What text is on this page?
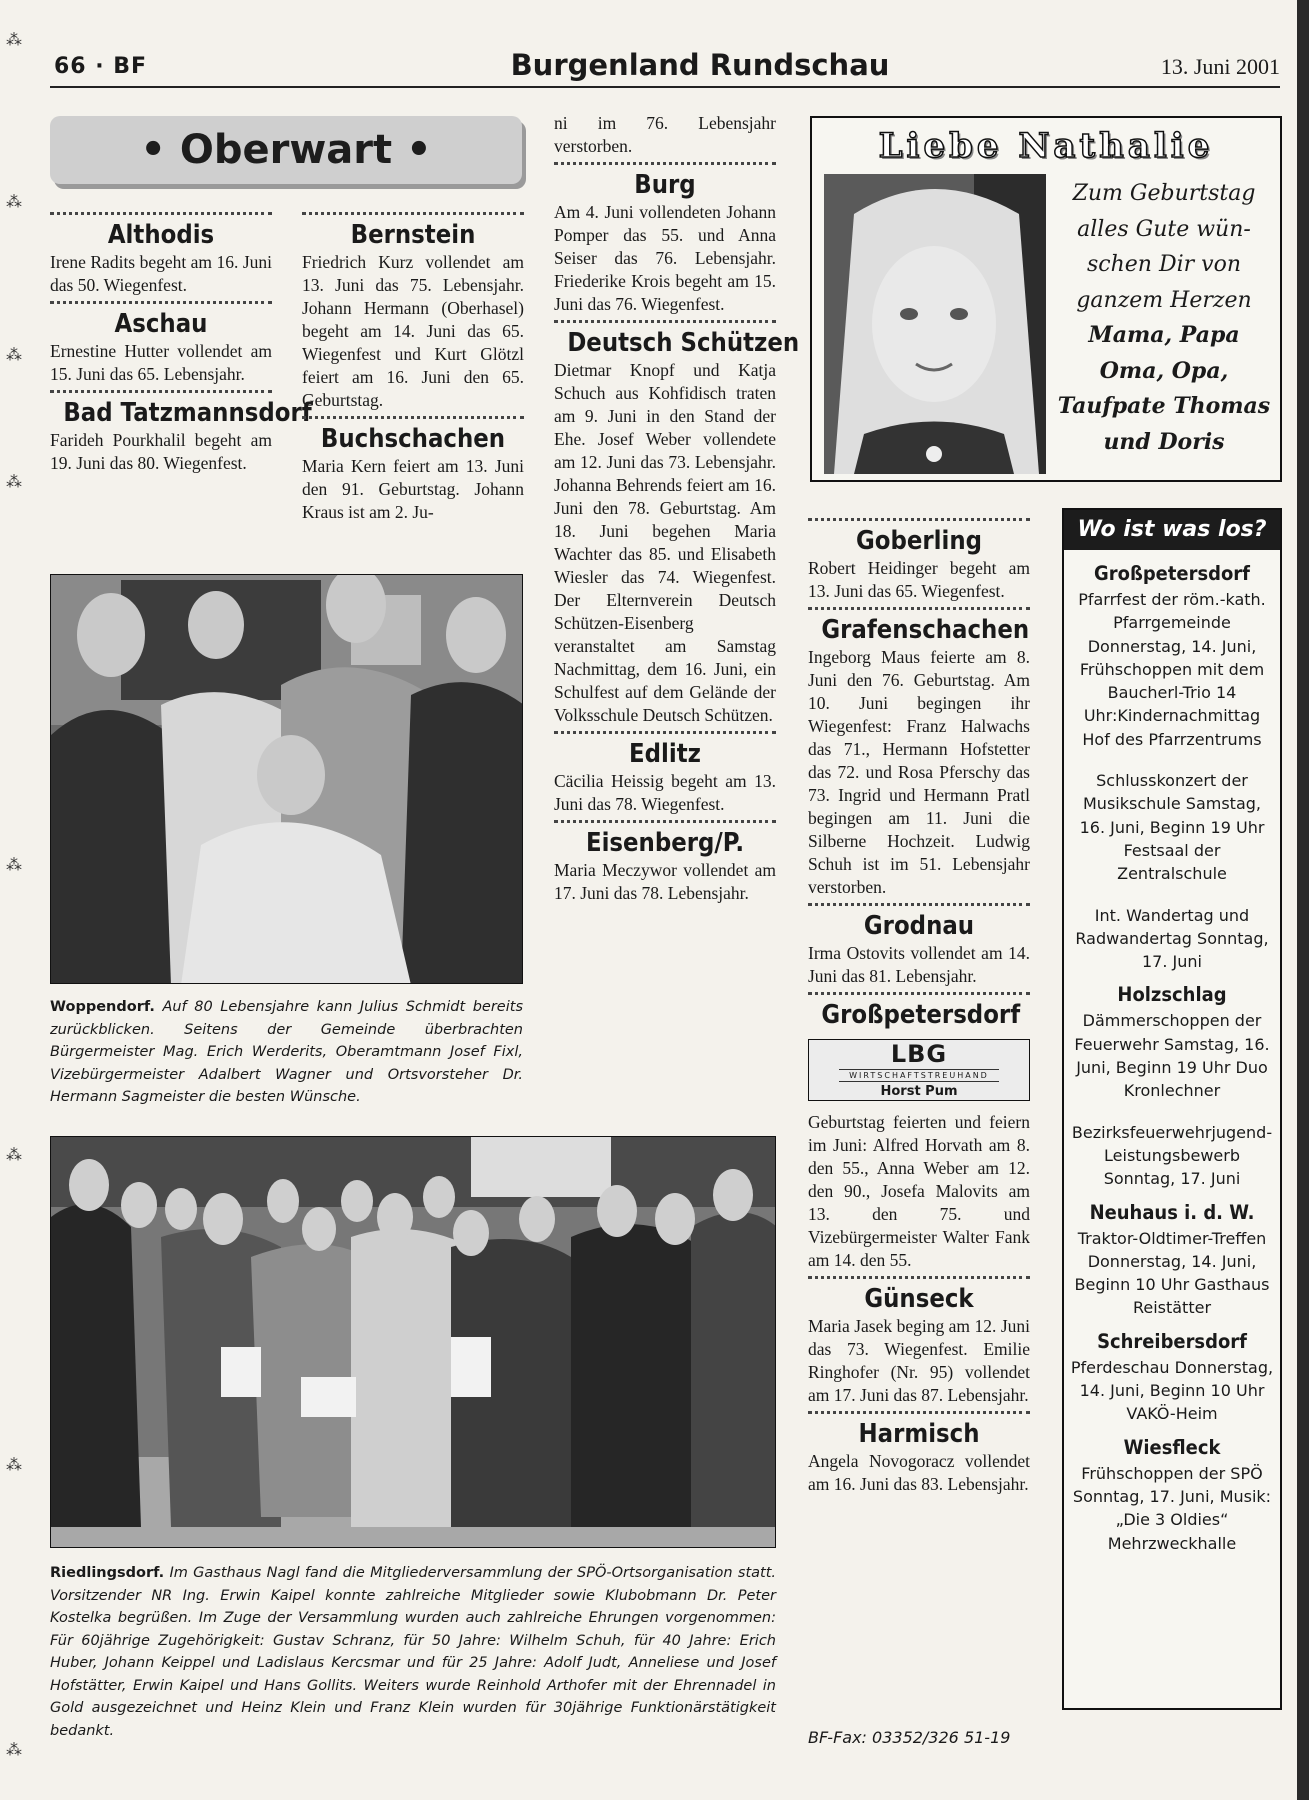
⁂
⁂
⁂
⁂
⁂
⁂
⁂
⁂
66 · BF	Burgenland Rundschau	13. Juni 2001
• Oberwart •
Althodis
Irene Radits begeht am 16. Juni das 50. Wiegenfest.
Aschau
Ernestine Hutter vollendet am 15. Juni das 65. Lebensjahr.
Bad Tatzmannsdorf
Farideh Pourkhalil begeht am 19. Juni das 80. Wiegenfest.
Bernstein
Friedrich Kurz vollendet am 13. Juni das 75. Lebensjahr. Johann Hermann (Oberhasel) begeht am 14. Juni das 65. Wiegenfest und Kurt Glötzl feiert am 16. Juni den 65. Geburtstag.
Buchschachen
Maria Kern feiert am 13. Juni den 91. Geburtstag. Johann Kraus ist am 2. Ju-
Woppendorf. Auf 80 Lebensjahre kann Julius Schmidt bereits zurückblicken. Seitens der Gemeinde überbrachten Bürgermeister Mag. Erich Werderits, Oberamtmann Josef Fixl, Vizebürgermeister Adalbert Wagner und Ortsvorsteher Dr. Hermann Sagmeister die besten Wünsche.
ni im 76. Lebensjahr verstorben.
Burg
Am 4. Juni vollendeten Johann Pomper das 55. und Anna Seiser das 76. Lebensjahr. Friederike Krois begeht am 15. Juni das 76. Wiegenfest.
Deutsch Schützen
Dietmar Knopf und Katja Schuch aus Kohfidisch traten am 9. Juni in den Stand der Ehe. Josef Weber vollendete am 12. Juni das 73. Lebensjahr. Johanna Behrends feiert am 16. Juni den 78. Geburtstag. Am 18. Juni begehen Maria Wachter das 85. und Elisabeth Wiesler das 74. Wiegenfest. Der Elternverein Deutsch Schützen-Eisenberg veranstaltet am Samstag Nachmittag, dem 16. Juni, ein Schulfest auf dem Gelände der Volksschule Deutsch Schützen.
Edlitz
Cäcilia Heissig begeht am 13. Juni das 78. Wiegenfest.
Eisenberg/P.
Maria Meczywor vollendet am 17. Juni das 78. Lebensjahr.
Riedlingsdorf. Im Gasthaus Nagl fand die Mitgliederversammlung der SPÖ-Ortsorganisation statt. Vorsitzender NR Ing. Erwin Kaipel konnte zahlreiche Mitglieder sowie Klubobmann Dr. Peter Kostelka begrüßen. Im Zuge der Versammlung wurden auch zahlreiche Ehrungen vorgenommen: Für 60jährige Zugehörigkeit: Gustav Schranz, für 50 Jahre: Wilhelm Schuh, für 40 Jahre: Erich Huber, Johann Keippel und Ladislaus Kercsmar und für 25 Jahre: Adolf Judt, Anneliese und Josef Hofstätter, Erwin Kaipel und Hans Gollits. Weiters wurde Reinhold Arthofer mit der Ehrennadel in Gold ausgezeichnet und Heinz Klein und Franz Klein wurden für 30jährige Funktionärstätigkeit bedankt.
Liebe Nathalie
Zum Geburtstag
alles Gute wün-
schen Dir von
ganzem Herzen
Mama, Papa
Oma, Opa,
Taufpate Thomas
und Doris
Goberling
Robert Heidinger begeht am 13. Juni das 65. Wiegenfest.
Grafenschachen
Ingeborg Maus feierte am 8. Juni den 76. Geburtstag. Am 10. Juni begingen ihr Wiegenfest: Franz Halwachs das 71., Hermann Hofstetter das 72. und Rosa Pferschy das 73. Ingrid und Hermann Pratl begingen am 11. Juni die Silberne Hochzeit. Ludwig Schuh ist im 51. Lebensjahr verstorben.
Grodnau
Irma Ostovits vollendet am 14. Juni das 81. Lebensjahr.
Großpetersdorf
LBG
WIRTSCHAFTSTREUHAND
Horst Pum
Geburtstag feierten und feiern im Juni: Alfred Horvath am 8. den 55., Anna Weber am 12. den 90., Josefa Malovits am 13. den 75. und Vizebürgermeister Walter Fank am 14. den 55.
Günseck
Maria Jasek beging am 12. Juni das 73. Wiegenfest. Emilie Ringhofer (Nr. 95) vollendet am 17. Juni das 87. Lebensjahr.
Harmisch
Angela Novogoracz vollendet am 16. Juni das 83. Lebensjahr.
Wo ist was los?
Großpetersdorf
Pfarrfest der röm.-kath. Pfarrgemeinde Donnerstag, 14. Juni, Frühschoppen mit dem Baucherl-Trio 14 Uhr:Kindernachmittag Hof des Pfarrzentrums
Schlusskonzert der Musikschule Samstag, 16. Juni, Beginn 19 Uhr Festsaal der Zentralschule
Int. Wandertag und Radwandertag Sonntag, 17. Juni
Holzschlag
Dämmerschoppen der Feuerwehr Samstag, 16. Juni, Beginn 19 Uhr Duo Kronlechner
Bezirksfeuerwehrjugend-Leistungsbewerb Sonntag, 17. Juni
Neuhaus i. d. W.
Traktor-Oldtimer-Treffen Donnerstag, 14. Juni, Beginn 10 Uhr Gasthaus Reistätter
Schreibersdorf
Pferdeschau Donnerstag, 14. Juni, Beginn 10 Uhr VAKÖ-Heim
Wiesfleck
Frühschoppen der SPÖ Sonntag, 17. Juni, Musik: „Die 3 Oldies“ Mehrzweckhalle
BF-Fax: 03352/326 51-19
